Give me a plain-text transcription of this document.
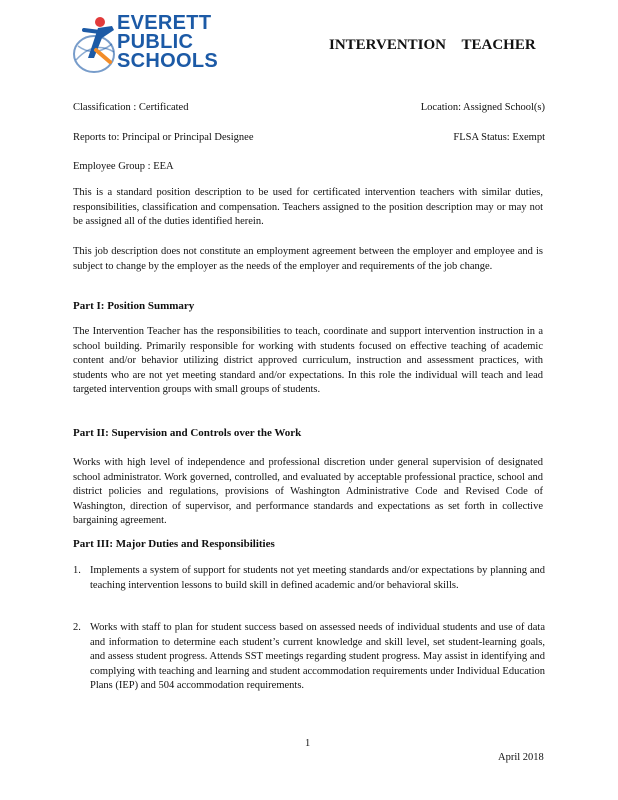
EVERETT
PUBLIC
SCHOOLS
INTERVENTION TEACHER
Classification : Certificated	Location: Assigned School(s)
Reports to: Principal or Principal Designee	FLSA Status: Exempt
Employee Group : EEA
This is a standard position description to be used for certificated intervention teachers with similar duties, responsibilities, classification and compensation. Teachers assigned to the position description may or may not be assigned all of the duties identified herein.
This job description does not constitute an employment agreement between the employer and employee and is subject to change by the employer as the needs of the employer and requirements of the job change.
Part I: Position Summary
The Intervention Teacher has the responsibilities to teach, coordinate and support intervention instruction in a school building. Primarily responsible for working with students focused on effective teaching of academic content and/or behavior utilizing district approved curriculum, instruction and assessment practices, with students who are not yet meeting standard and/or expectations. In this role the individual will teach and lead targeted intervention groups with small groups of students.
Part II: Supervision and Controls over the Work
Works with high level of independence and professional discretion under general supervision of designated school administrator. Work governed, controlled, and evaluated by acceptable professional practice, school and district policies and regulations, provisions of Washington Administrative Code and Revised Code of Washington, direction of supervisor, and performance standards and expectations as set forth in collective bargaining agreement.
Part III: Major Duties and Responsibilities
1. Implements a system of support for students not yet meeting standards and/or expectations by planning and teaching intervention lessons to build skill in defined academic and/or behavioral skills.
2. Works with staff to plan for student success based on assessed needs of individual students and use of data and information to determine each student’s current knowledge and skill level, set student-learning goals, and assess student progress. Attends SST meetings regarding student progress. May assist in identifying and complying with teaching and learning and student accommodation requirements under Individual Education Plans (IEP) and 504 accommodation requirements.
1
April 2018
